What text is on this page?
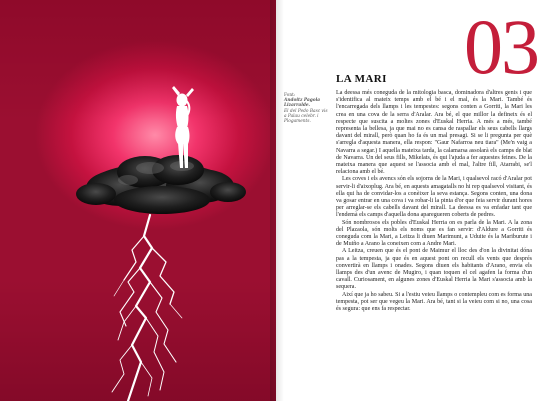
Font:
Andoitz Pagola Lizarralde.
El del Pedo Basc vis a Palau celebr. i Plogaments.
03
LA MARI

La deessa més coneguda de la mitologia basca, dominadora d'altres genis i que s'identifica al mateix temps amb el bé i el mal, és la Mari. També és l'encarregada dels llamps i les tempestes: segons conten a Gorriti, la Mari les crea en una cova de la serra d'Aralar. Ara bé, el que millor la defineix és el respecte que suscita a moltes zones d'Euskal Herria. A més a més, també representa la bellesa, ja que mai no es cansa de raspallar els seus cabells llargs davant del mirall, però quan ho fa és un mal presagi. Si se li pregunta per què s'arregla d'aquesta manera, ella respon: "Gaur Nafarroa neu tiara" (Me'n vaig a Navarra a segar.) I aquella mateixa tarda, la calamarsa assolarà els camps de blat de Navarra. Un del seus fills, Mikelats, és qui l'ajuda a fer aquestes feines. De la mateixa manera que aquest se l'associa amb el mal, l'altre fill, Atarrabi, se'l relaciona amb el bé.

Les coves i els avencs són els sojorns de la Mari, i qualsevol racó d'Aralar pot servir-li d'aixoplug. Ara bé, en aquests amagatalls no hi rep qualsevol visitant, és ella qui ha de convidar-los a conèixer la seva estança. Segons conten, una dona va gosar entrar en una cova i va robar-li la pinta d'or que feia servir durant hores per arreglar-se els cabells davant del mirall. La deessa es va enfadar tant que l'endemà els camps d'aquella dona aparegueren coberts de pedres.

Són nombrosos els pobles d'Euskal Herria on es parla de la Mari. A la zona del Plazaola, són molts els noms que es fan servir: d'Aldure a Gorriti és coneguda com la Mari, a Leitza li diuen Marimunt, a Uduite és la Mariburute i de Muiño a Arano la coneixen com a Andre Mari.

A Leitza, creuen que és el pont de Maimur el lloc des d'on la divinitat dóna pas a la tempesta, ja que és en aquest pont on recull els vents que després convertirà en llamps i onades. Segons diuen els habitants d'Arano, envia els llamps des d'un avenc de Mugiro, i quan toquen el cel agafen la forma d'un cavall. Curiosament, en algunes zones d'Euskal Herria la Mari s'associa amb la sequera.

Així que ja ho sabeu. Si a l'estiu veieu llamps o contempleu com es forma una tempesta, pot ser que vegeu la Mari. Ara bé, tant si la veieu com si no, una cosa és segura: que ens fa respectar.
